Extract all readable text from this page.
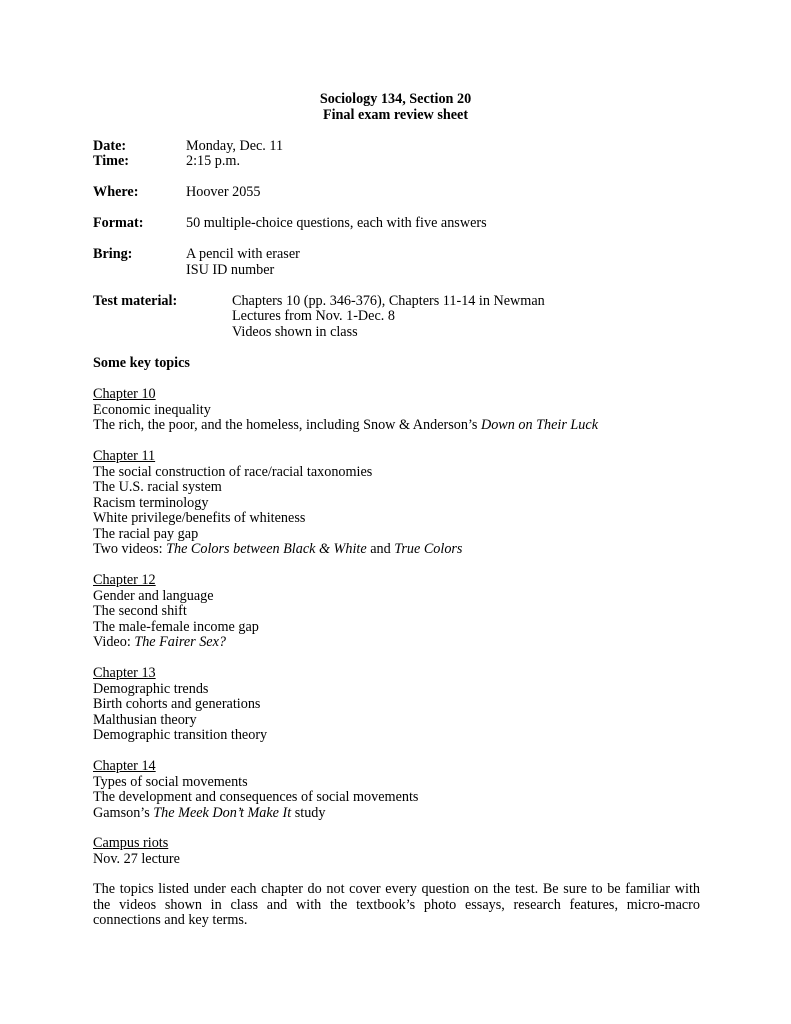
Sociology 134, Section 20
Final exam review sheet
Date:	Monday, Dec. 11
Time:	2:15 p.m.
Where:	Hoover 2055
Format:	50 multiple-choice questions, each with five answers
Bring:	A pencil with eraser
ISU ID number
Test material:	Chapters 10 (pp. 346-376), Chapters 11-14 in Newman
Lectures from Nov. 1-Dec. 8
Videos shown in class
Some key topics
Chapter 10
Economic inequality
The rich, the poor, and the homeless, including Snow & Anderson’s Down on Their Luck
Chapter 11
The social construction of race/racial taxonomies
The U.S. racial system
Racism terminology
White privilege/benefits of whiteness
The racial pay gap
Two videos: The Colors between Black & White and True Colors
Chapter 12
Gender and language
The second shift
The male-female income gap
Video: The Fairer Sex?
Chapter 13
Demographic trends
Birth cohorts and generations
Malthusian theory
Demographic transition theory
Chapter 14
Types of social movements
The development and consequences of social movements
Gamson’s The Meek Don’t Make It study
Campus riots
Nov. 27 lecture
The topics listed under each chapter do not cover every question on the test. Be sure to be familiar with the videos shown in class and with the textbook’s photo essays, research features, micro-macro connections and key terms.
